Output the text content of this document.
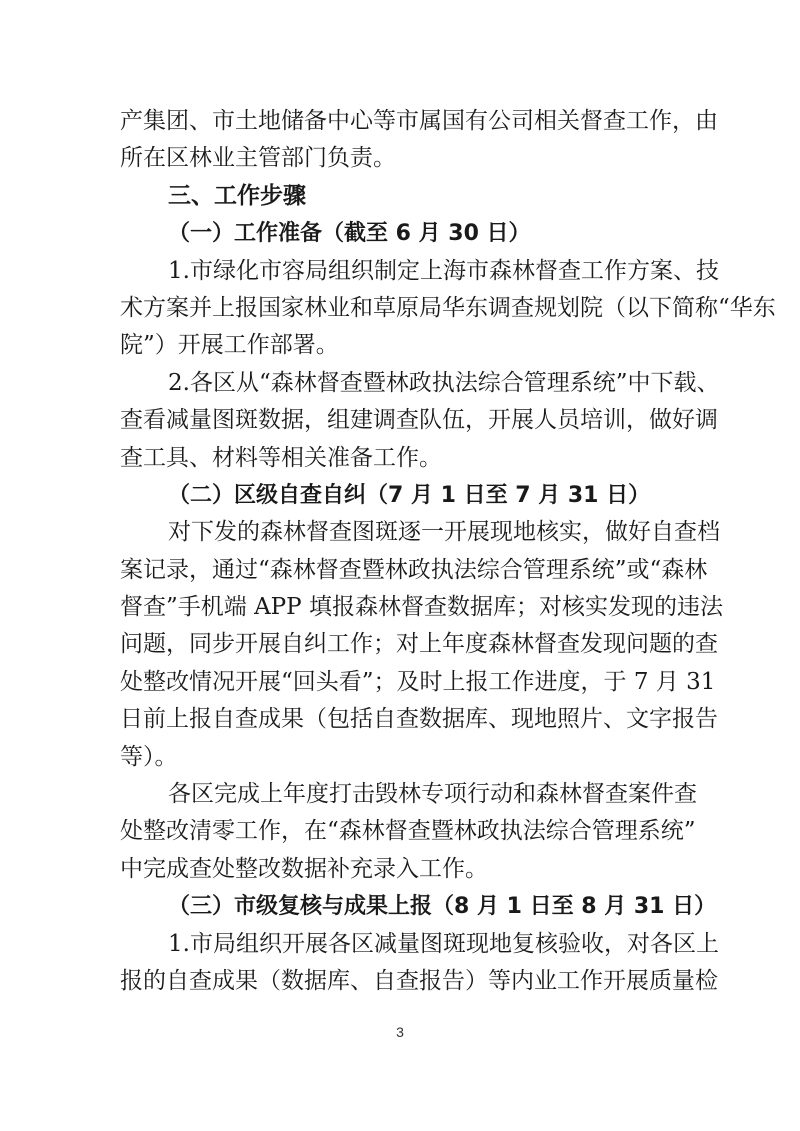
产集团、市土地储备中心等市属国有公司相关督查工作，由
所在区林业主管部门负责。
三、工作步骤
（一）工作准备（截至 6 月 30 日）
1.市绿化市容局组织制定上海市森林督查工作方案、技
术方案并上报国家林业和草原局华东调查规划院（以下简称“华东
院”）开展工作部署。
2.各区从“森林督查暨林政执法综合管理系统”中下载、
查看减量图斑数据，组建调查队伍，开展人员培训，做好调
查工具、材料等相关准备工作。
（二）区级自查自纠（7 月 1 日至 7 月 31 日）
对下发的森林督查图斑逐一开展现地核实，做好自查档
案记录，通过“森林督查暨林政执法综合管理系统”或“森林
督查”手机端 APP 填报森林督查数据库；对核实发现的违法
问题，同步开展自纠工作；对上年度森林督查发现问题的查
处整改情况开展“回头看”；及时上报工作进度，于 7 月 31
日前上报自查成果（包括自查数据库、现地照片、文字报告
等）。
各区完成上年度打击毁林专项行动和森林督查案件查
处整改清零工作，在“森林督查暨林政执法综合管理系统”
中完成查处整改数据补充录入工作。
（三）市级复核与成果上报（8 月 1 日至 8 月 31 日）
1.市局组织开展各区减量图斑现地复核验收，对各区上
报的自查成果（数据库、自查报告）等内业工作开展质量检
3
